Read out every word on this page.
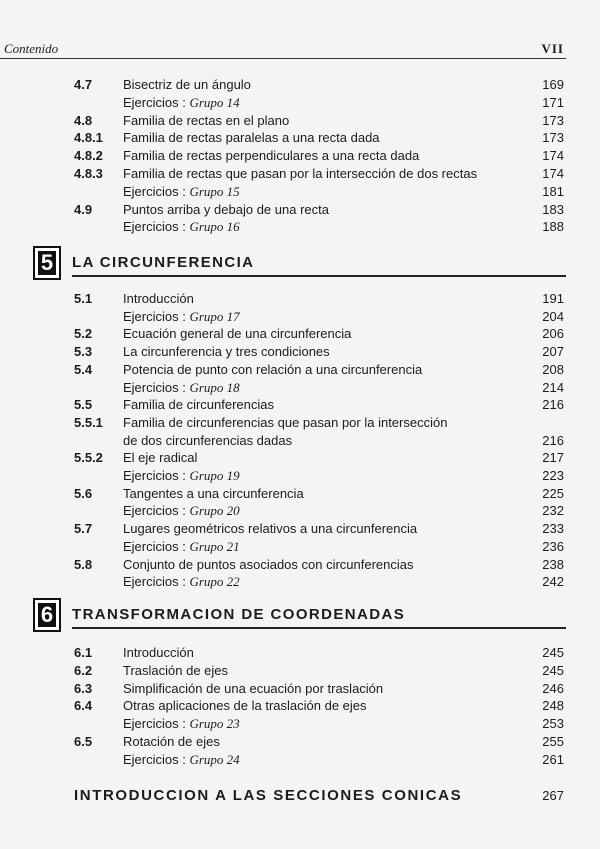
Contenido	VII
4.7 Bisectriz de un ángulo	169
Ejercicios : Grupo 14	171
4.8 Familia de rectas en el plano	173
4.8.1 Familia de rectas paralelas a una recta dada	173
4.8.2 Familia de rectas perpendiculares a una recta dada	174
4.8.3 Familia de rectas que pasan por la intersección de dos rectas	174
Ejercicios : Grupo 15	181
4.9 Puntos arriba y debajo de una recta	183
Ejercicios : Grupo 16	188
5 LA CIRCUNFERENCIA
5.1 Introducción	191
Ejercicios : Grupo 17	204
5.2 Ecuación general de una circunferencia	206
5.3 La circunferencia y tres condiciones	207
5.4 Potencia de punto con relación a una circunferencia	208
Ejercicios : Grupo 18	214
5.5 Familia de circunferencias	216
5.5.1 Familia de circunferencias que pasan por la intersección
de dos circunferencias dadas	216
5.5.2 El eje radical	217
Ejercicios : Grupo 19	223
5.6 Tangentes a una circunferencia	225
Ejercicios : Grupo 20	232
5.7 Lugares geométricos relativos a una circunferencia	233
Ejercicios : Grupo 21	236
5.8 Conjunto de puntos asociados con circunferencias	238
Ejercicios : Grupo 22	242
6 TRANSFORMACION DE COORDENADAS
6.1 Introducción	245
6.2 Traslación de ejes	245
6.3 Simplificación de una ecuación por traslación	246
6.4 Otras aplicaciones de la traslación de ejes	248
Ejercicios : Grupo 23	253
6.5 Rotación de ejes	255
Ejercicios : Grupo 24	261
INTRODUCCION A LAS SECCIONES CONICAS	267
